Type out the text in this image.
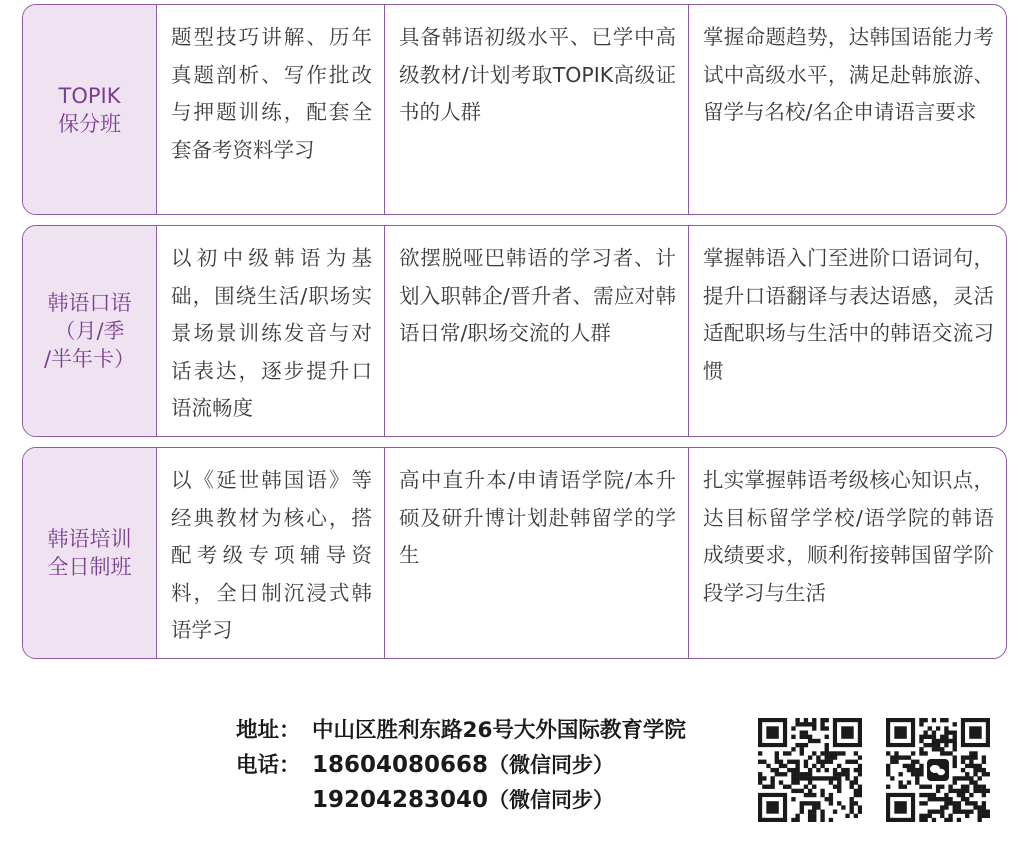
TOPIK
保分班
题型技巧讲解、历年真题剖析、写作批改与押题训练，配套全套备考资料学习
具备韩语初级水平、已学中高级教材/计划考取TOPIK高级证书的人群
掌握命题趋势，达韩国语能力考试中高级水平，满足赴韩旅游、留学与名校/名企申请语言要求
韩语口语
（月/季
/半年卡）
以初中级韩语为基础，围绕生活/职场实景场景训练发音与对话表达，逐步提升口语流畅度
欲摆脱哑巴韩语的学习者、计划入职韩企/晋升者、需应对韩语日常/职场交流的人群
掌握韩语入门至进阶口语词句，提升口语翻译与表达语感，灵活适配职场与生活中的韩语交流习惯
韩语培训
全日制班
以《延世韩国语》等经典教材为核心，搭配考级专项辅导资料，全日制沉浸式韩语学习
高中直升本/申请语学院/本升硕及研升博计划赴韩留学的学生
扎实掌握韩语考级核心知识点，达目标留学学校/语学院的韩语成绩要求，顺利衔接韩国留学阶段学习与生活
地址： 中山区胜利东路26号大外国际教育学院
电话： 18604080668（微信同步）
19204283040（微信同步）
